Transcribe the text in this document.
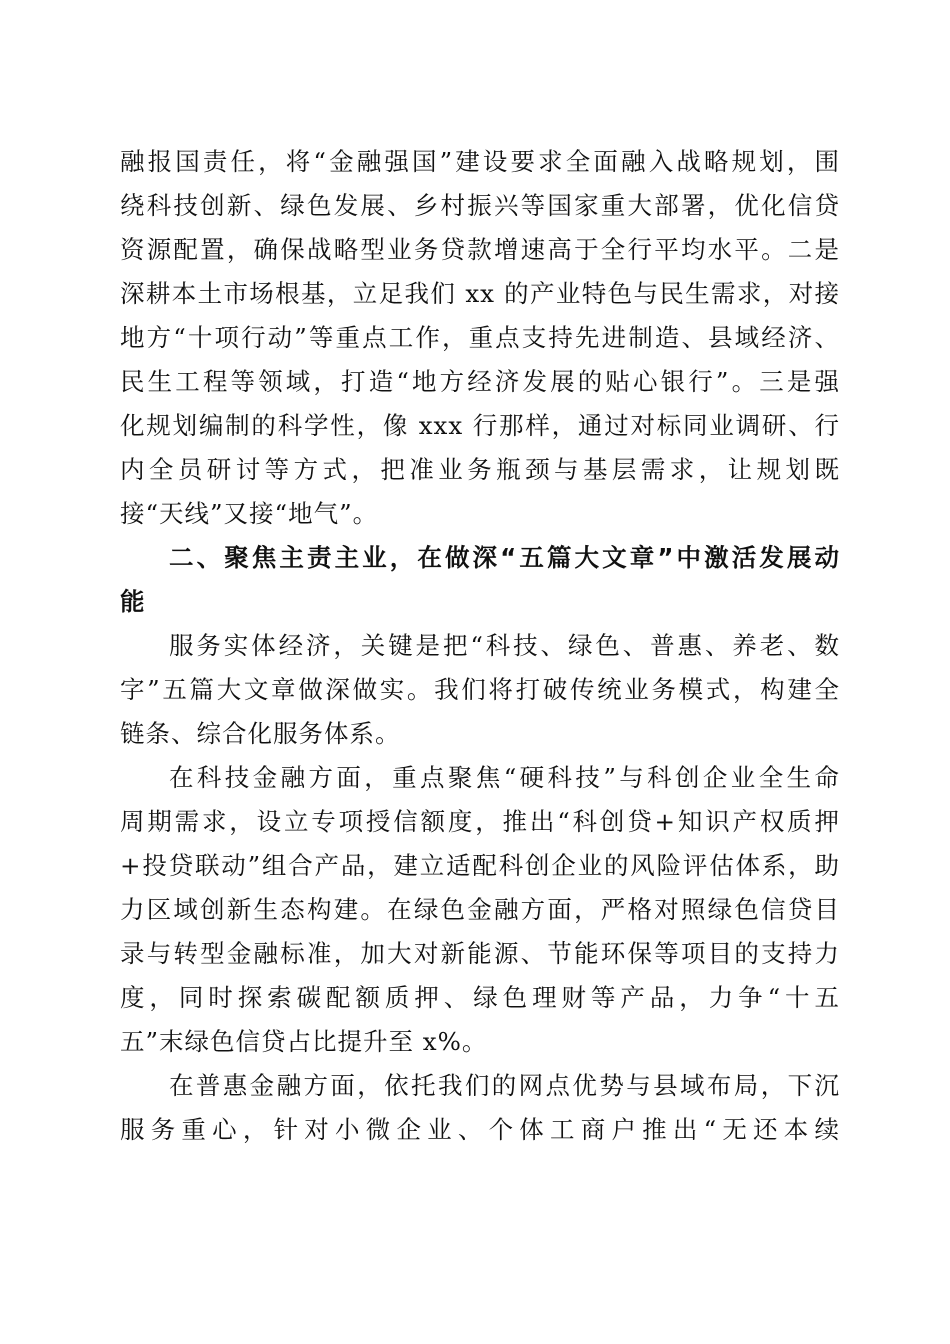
融报国责任，将“金融强国”建设要求全面融入战略规划，围
绕科技创新、绿色发展、乡村振兴等国家重大部署，优化信贷
资源配置，确保战略型业务贷款增速高于全行平均水平。二是
深耕本土市场根基，立足我们 xx 的产业特色与民生需求，对接
地方“十项行动”等重点工作，重点支持先进制造、县域经济、
民生工程等领域，打造“地方经济发展的贴心银行”。三是强
化规划编制的科学性，像 xxx 行那样，通过对标同业调研、行
内全员研讨等方式，把准业务瓶颈与基层需求，让规划既
接“天线”又接“地气”。
二、聚焦主责主业，在做深“五篇大文章”中激活发展动
能
服务实体经济，关键是把“科技、绿色、普惠、养老、数
字”五篇大文章做深做实。我们将打破传统业务模式，构建全
链条、综合化服务体系。
在科技金融方面，重点聚焦“硬科技”与科创企业全生命
周期需求，设立专项授信额度，推出“科创贷+知识产权质押
+投贷联动”组合产品，建立适配科创企业的风险评估体系，助
力区域创新生态构建。在绿色金融方面，严格对照绿色信贷目
录与转型金融标准，加大对新能源、节能环保等项目的支持力
度，同时探索碳配额质押、绿色理财等产品，力争“十五
五”末绿色信贷占比提升至 x%。
在普惠金融方面，依托我们的网点优势与县域布局，下沉
服务重心，针对小微企业、个体工商户推出“无还本续
